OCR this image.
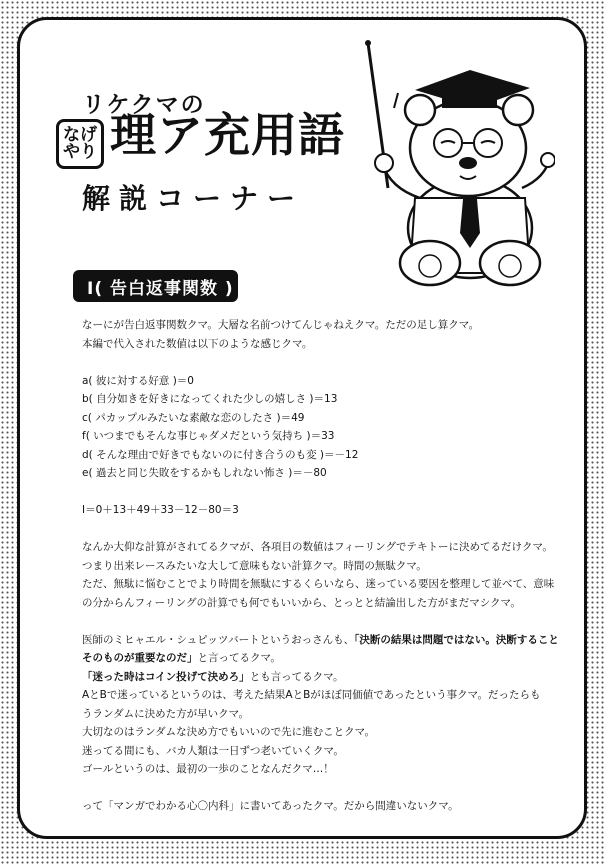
リケクマの
なげやり 理ア充用語
解説コーナー
I( 告白返事関数 )

なーにが告白返事関数クマ。大層な名前つけてんじゃねえクマ。ただの足し算クマ。

本編で代入された数値は以下のような感じクマ。

a( 彼に対する好意 )＝0

b( 自分如きを好きになってくれた少しの嬉しさ )＝13

c( パカップルみたいな素敵な恋のしたさ )＝49

f( いつまでもそんな事じゃダメだという気持ち )＝33

d( そんな理由で好きでもないのに付き合うのも変 )＝－12

e( 過去と同じ失敗をするかもしれない怖さ )＝－80

I＝0＋13＋49＋33－12－80＝3

なんか大仰な計算がされてるクマが、各項目の数値はフィーリングでテキトーに決めてるだけクマ。

つまり出来レースみたいな大して意味もない計算クマ。時間の無駄クマ。

ただ、無駄に悩むことでより時間を無駄にするくらいなら、迷っている要因を整理して並べて、意味

の分からんフィーリングの計算でも何でもいいから、とっとと結論出した方がまだマシクマ。

医師のミヒャエル・シュピッツバートというおっさんも、「決断の結果は問題ではない。決断すること

そのものが重要なのだ」と言ってるクマ。

「迷った時はコイン投げて決めろ」とも言ってるクマ。

AとBで迷っているというのは、考えた結果AとBがほぼ同価値であったという事クマ。だったらも

うランダムに決めた方が早いクマ。

大切なのはランダムな決め方でもいいので先に進むことクマ。

迷ってる間にも、バカ人類は一日ずつ老いていくクマ。

ゴールというのは、最初の一歩のことなんだクマ…！

って「マンガでわかる心〇内科」に書いてあったクマ。だから間違いないクマ。
